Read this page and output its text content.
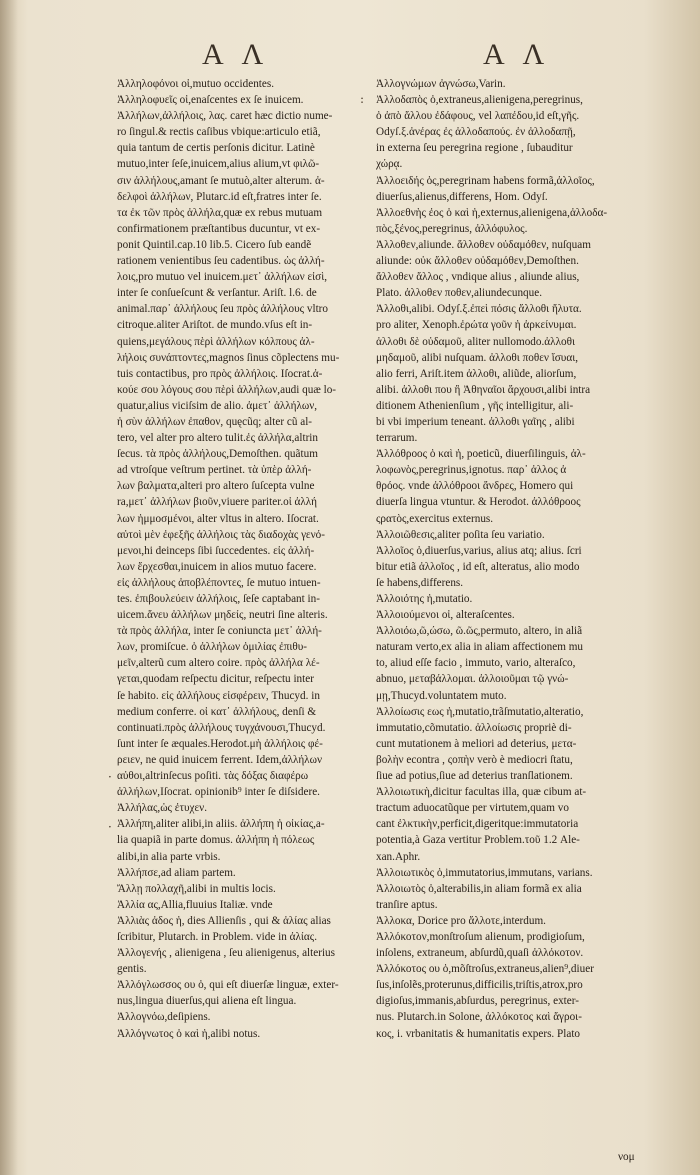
A Λ	A Λ
Ἀλληλοφόνοι οἱ,mutuo occidentes.
Ἀλληλοφυεῖς οἱ,enaſcentes ex ſe inuicem.
Ἀλλήλων,ἀλλήλοις, λας. caret hæc dictio nume-
ro ſingul.& rectis caſibus vbique:articulo etiã,
quia tantum de certis perſonis dicitur. Latinè
mutuo,inter ſeſe,inuicem,alius alium,vt φιλῶ-
σιν ἀλλήλους,amant ſe mutuò,alter alterum. ἀ-
δελφοὶ ἀλλήλων, Plutarc.id eſt,fratres inter ſe.
τα ἐκ τῶν πρὸς ἀλλήλα,quæ ex rebus mutuam
confirmationem præſtantibus ducuntur, vt ex-
ponit Quintil.cap.10 lib.5. Cicero ſub eandẽ
rationem venientibus ſeu cadentibus. ὡς ἀλλή-
λοις,pro mutuo vel inuicem.μετ᾽ ἀλλήλων εἰσὶ,
inter ſe conſueſcunt & verſantur. Ariſt. l.6. de
animal.παρ᾽ ἀλλήλους ſeu πρὸς ἀλλήλους vltro
citroque.aliter Ariſtot. de mundo.vſus eſt in-
quiens,μεγάλους πὲρὶ ἀλλήλων κόλπους ἀλ-
λήλοις συνάπτοντες,magnos ſinus cõplectens mu-
tuis contactibus, pro πρὸς ἀλλήλοις. Iſocrat.ἀ-
κούε σου λόγους σου πὲρὶ ἀλλήλων,audi quæ lo-
quatur,alius viciſsim de alio. ἀμετ᾽ ἀλλήλων,
ἡ σὺν ἀλλήλων ἐπαθον, quęcũq; alter cũ al-
tero, vel alter pro altero tulit.ἐς ἀλλήλα,altrin
ſecus. τὰ πρὸς ἀλλήλους,Demoſthen. quãtum
ad vtroſque veſtrum pertinet. τὰ ὑπὲρ ἀλλή-
λων βαλματα,alteri pro altero ſuſcepta vulne
ra,μετ᾽ ἀλλήλων βιοῦν,viuere pariter.οἱ ἀλλή
λων ἡμμοσμένοι, alter vltus in altero. Iſocrat.
αὐτοὶ μὲν ἐφεξῆς ἀλλήλοις τὰς διαδοχὰς γενό-
μενοι,hi deinceps ſibi ſuccedentes. εἰς ἀλλή-
λων ἔρχεσθαι,inuicem in alios mutuo facere.
εἰς ἀλλήλους ἀποβλέποντες, ſe mutuo intuen-
tes. ἐπιβουλεύειν ἀλλήλοις, ſeſe captabant in-
uicem.ἄνευ ἀλλήλων μηδείς, neutri ſine alteris.
τὰ πρὸς ἀλλήλα, inter ſe coniuncta μετ᾽ ἀλλή-
λων, promiſcue. ὁ ἀλλήλων ὁμιλίας ἐπιθυ-
μεῖν,alterũ cum altero coire. πρὸς ἀλλήλα λέ-
γεται,quodam reſpectu dicitur, reſpectu inter
ſe habito. εἰς ἀλλήλους εἰσφέρειν, Thucyd. in
medium conferre. οἱ κατ᾽ ἀλλήλους, denſi &
continuati.πρὸς ἀλλήλους τυγχάνουσι,Thucyd.
ſunt inter ſe æquales.Herodot.μὴ ἀλλήλοις φέ-
ρειεν, ne quid inuicem ferrent. Idem,ἀλλήλων
αὐθοι,altrinſecus poſiti. τὰς δόξας διαφέρω
ἀλλήλων,Iſocrat. opinionib⁹ inter ſe diſsidere.
Ἀλλήλας,ὡς ἐτυχεν.
Ἀλλήπη,aliter alibi,in aliis. ἀλλήπη ἡ οἰκίας,a-
lia quapiã in parte domus. ἀλλήπη ἡ πόλεως
alibi,in alia parte vrbis.
Ἀλλήπσε,ad aliam partem.
Ἄλλῃ πολλαχῆ,alibi in multis locis.
Ἀλλία ας,Allia,fluuius Italiæ. vnde
Ἀλλιὰς ἀδος ἡ, dies Allienſis , qui & ἀλίας alias
ſcribitur, Plutarch. in Problem. vide in ἀλίας.
Ἀλλογενής , alienigena , ſeu alienigenus, alterius
gentis.
Ἀλλόγλωσσος ου ὁ, qui eſt diuerſæ linguæ, exter-
nus,lingua diuerſus,qui aliena eſt lingua.
Ἀλλογνόω,deſipiens.
Ἀλλόγνωτος ὁ καὶ ἡ,alibi notus.
Ἀλλογνώμων ἀγνώσω,Varin.
Ἀλλοδαπὸς ὁ,extraneus,alienigena,peregrinus,
ὁ ἀπὸ ἄλλου ἐδάφους, vel λαπέδου,id eſt,γῆς.
Odyſ.ξ.ἀνέρας ἐς ἀλλοδαπούς. ἐν ἀλλοδαπῇ,
in externa ſeu peregrina regione , ſubauditur
χώρᾳ.
Ἀλλοειδής ὁς,peregrinam habens formã,ἀλλοῖος,
diuerſus,alienus,differens, Hom. Odyſ.
Ἀλλοεθνὴς ἐος ὁ καὶ ἡ,externus,alienigena,ἀλλοδα-
πὸς,ξένος,peregrinus, ἀλλόφυλος.
Ἀλλοθεν,aliunde. ἄλλοθεν οὐδαμόθεν, nuſquam
aliunde: οὐκ ἄλλοθεν οὐδαμόθεν,Demoſthen.
ἄλλοθεν ἄλλος , vndique alius , aliunde alius,
Plato. ἀλλοθεν ποθεν,aliundecunque.
Ἀλλοθι,alibi. Odyſ.ξ.ἐπεὶ πόσις ἄλλοθι ἤλυτα.
pro aliter, Xenoph.ἐρώτα γοῦν ἡ ἀρκείνυμαι.
ἀλλοθι δὲ οὐδαμοῦ, aliter nullomodo.ἀλλοθι
μηδαμοῦ, alibi nuſquam. ἀλλοθι ποθεν ἵσυαι,
alio ferri, Ariſt.item ἀλλοθι, aliũde, aliorſum,
alibi. ἀλλοθι που ἢ Ἀθηναῖοι ἄρχουσι,alibi intra
ditionem Athenienſium , γῆς intelligitur, ali-
bi vbi imperium teneant. ἀλλοθι γαῖης , alibi
terrarum.
Ἀλλόθροος ὁ καὶ ἡ, poeticũ, diuerſilinguis, ἀλ-
λοφωνὸς,peregrinus,ignotus. παρ᾽ ἀλλος ἀ
θρόος. vnde ἀλλόθροοι ἄνδρες, Homero qui
diuerſa lingua vtuntur. & Herodot. ἀλλόθροος
ςρατὸς,exercitus externus.
Ἀλλοιῶθεσις,aliter poſita ſeu variatio.
Ἀλλοῖος ὁ,diuerſus,varius, alius atq; alius. ſcri
bitur etiã ἀλλοῖος , id eſt, alteratus, alio modo
ſe habens,differens.
Ἀλλοιότης ἡ,mutatio.
Ἀλλοιούμενοι οἱ, alteraſcentes.
Ἀλλοιόω,ῶ,ώσω, ῶ.ῶς,permuto, altero, in aliã
naturam verto,ex alia in aliam affectionem mu
to, aliud eſſe facio , immuto, vario, alteraſco,
abnuo, μεταβάλλομαι. ἀλλοιοῦμαι τῷ γνώ-
μῃ,Thucyd.voluntatem muto.
Ἀλλοίωσις εως ἡ,mutatio,trãſmutatio,alteratio,
immutatio,cõmutatio. ἀλλοίωσις propriè di-
cunt mutationem à meliori ad deterius, μετα-
βολὴν econtra , ςοπὴν verò è mediocri ſtatu,
ſiue ad potius,ſiue ad deterius tranſlationem.
Ἀλλοιωτικὴ,dicitur facultas illa, quæ cibum at-
tractum aduocatũque per virtutem,quam vo
cant ἐλκτικὴν,perficit,digeritque:immutatoria
potentia,à Gaza vertitur Problem.τοῦ 1.2 Ale-
xan.Aphr.
Ἀλλοιωτικὸς ὁ,immutatorius,immutans, varians.
Ἀλλοιωτὸς ὁ,alterabilis,in aliam formã ex alia
tranſire aptus.
Ἀλλοκα, Dorice pro ἄλλοτε,interdum.
Ἀλλόκοτον,monſtroſum alienum, prodigioſum,
inſolens, extraneum, abſurdũ,quaſi ἀλλόκοτον.
Ἀλλόκοτος ου ὁ,mõſtroſus,extraneus,alien⁹,diuer
ſus,inſolẽs,proterunus,difficilis,triſtis,atrox,pro
digioſus,immanis,abſurdus, peregrinus, exter-
nus. Plutarch.in Solone, ἀλλόκοτος καὶ ἄγροι-
κος, i. vrbanitatis & humanitatis expers. Plato
:
·
·
νομ
